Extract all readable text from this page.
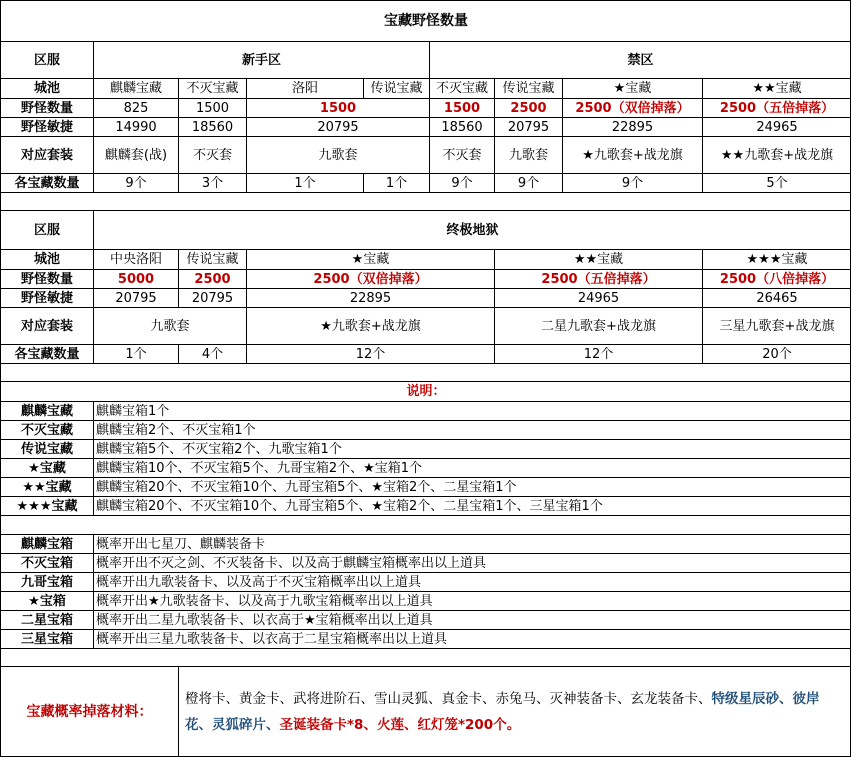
宝藏野怪数量
区服	新手区	禁区
城池	麒麟宝藏	不灭宝藏	洛阳	传说宝藏	不灭宝藏	传说宝藏	★宝藏	★★宝藏
野怪数量	825	1500	1500	1500	2500	2500（双倍掉落）	2500（五倍掉落）
野怪敏捷	14990	18560	20795	18560	20795	22895	24965
对应套装	麒麟套(战)	不灭套	九歌套	不灭套	九歌套	★九歌套+战龙旗	★★九歌套+战龙旗
各宝藏数量	9个	3个	1个	1个	9个	9个	9个	5个
区服	终极地狱
城池	中央洛阳	传说宝藏	★宝藏	★★宝藏	★★★宝藏
野怪数量	5000	2500	2500（双倍掉落）	2500（五倍掉落）	2500（八倍掉落）
野怪敏捷	20795	20795	22895	24965	26465
对应套装	九歌套	★九歌套+战龙旗	二星九歌套+战龙旗	三星九歌套+战龙旗
各宝藏数量	1个	4个	12个	12个	20个
说明：
麒麟宝藏	麒麟宝箱1个
不灭宝藏	麒麟宝箱2个、不灭宝箱1个
传说宝藏	麒麟宝箱5个、不灭宝箱2个、九歌宝箱1个
★宝藏	麒麟宝箱10个、不灭宝箱5个、九哥宝箱2个、★宝箱1个
★★宝藏	麒麟宝箱20个、不灭宝箱10个、九哥宝箱5个、★宝箱2个、二星宝箱1个
★★★宝藏	麒麟宝箱20个、不灭宝箱10个、九哥宝箱5个、★宝箱2个、二星宝箱1个、三星宝箱1个
麒麟宝箱	概率开出七星刀、麒麟装备卡
不灭宝箱	概率开出不灭之剑、不灭装备卡、以及高于麒麟宝箱概率出以上道具
九哥宝箱	概率开出九歌装备卡、以及高于不灭宝箱概率出以上道具
★宝箱	概率开出★九歌装备卡、以及高于九歌宝箱概率出以上道具
二星宝箱	概率开出二星九歌装备卡、以衣高于★宝箱概率出以上道具
三星宝箱	概率开出三星九歌装备卡、以衣高于二星宝箱概率出以上道具
宝藏概率掉落材料：
橙将卡、黄金卡、武将进阶石、雪山灵狐、真金卡、赤兔马、灭神装备卡、玄龙装备卡、特级星辰砂、彼岸花、灵狐碎片、圣诞装备卡*8、火莲、红灯笼*200个。
